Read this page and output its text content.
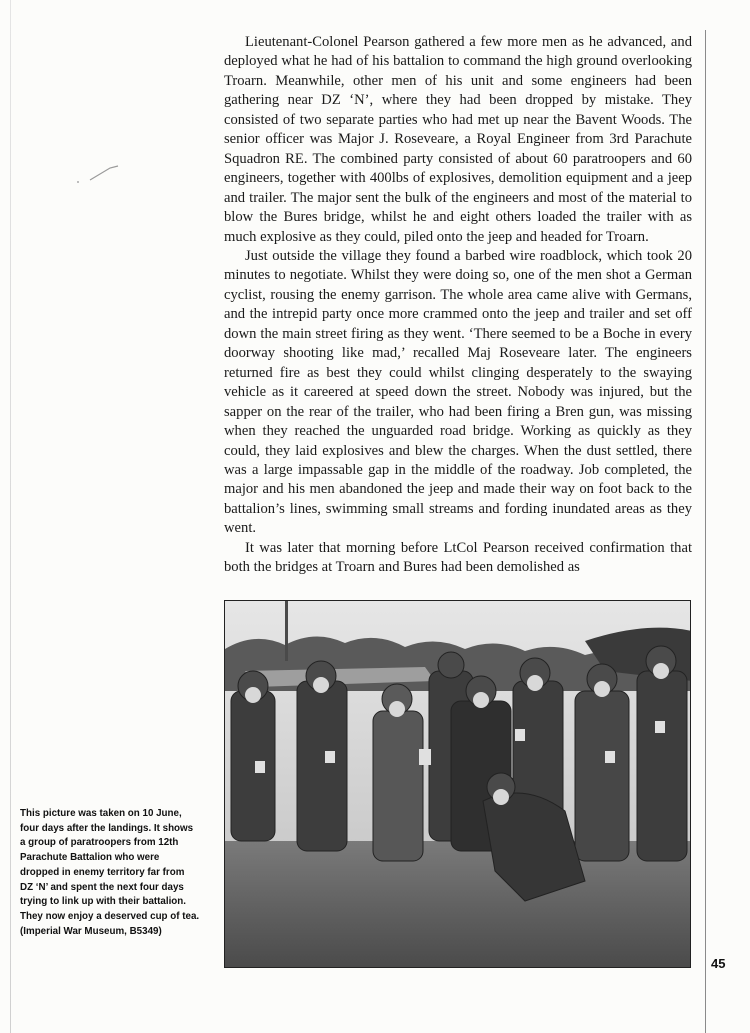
Lieutenant-Colonel Pearson gathered a few more men as he advanced, and deployed what he had of his battalion to command the high ground overlooking Troarn. Meanwhile, other men of his unit and some engineers had been gathering near DZ ‘N’, where they had been dropped by mistake. They consisted of two separate parties who had met up near the Bavent Woods. The senior officer was Major J. Roseveare, a Royal Engineer from 3rd Parachute Squadron RE. The combined party consisted of about 60 paratroopers and 60 engineers, together with 400lbs of explosives, demolition equipment and a jeep and trailer. The major sent the bulk of the engineers and most of the material to blow the Bures bridge, whilst he and eight others loaded the trailer with as much explosive as they could, piled onto the jeep and headed for Troarn.

Just outside the village they found a barbed wire roadblock, which took 20 minutes to negotiate. Whilst they were doing so, one of the men shot a German cyclist, rousing the enemy garrison. The whole area came alive with Germans, and the intrepid party once more crammed onto the jeep and trailer and set off down the main street firing as they went. ‘There seemed to be a Boche in every doorway shooting like mad,’ recalled Maj Roseveare later. The engineers returned fire as best they could whilst clinging desperately to the swaying vehicle as it careered at speed down the street. Nobody was injured, but the sapper on the rear of the trailer, who had been firing a Bren gun, was missing when they reached the unguarded road bridge. Working as quickly as they could, they laid explosives and blew the charges. When the dust settled, there was a large impassable gap in the middle of the roadway. Job completed, the major and his men abandoned the jeep and made their way on foot back to the battalion’s lines, swimming small streams and fording inundated areas as they went.

It was later that morning before LtCol Pearson received confirmation that both the bridges at Troarn and Bures had been demolished as

This picture was taken on 10 June, four days after the landings. It shows a group of paratroopers from 12th Parachute Battalion who were dropped in enemy territory far from DZ ‘N’ and spent the next four days trying to link up with their battalion. They now enjoy a deserved cup of tea. (Imperial War Museum, B5349)
45
